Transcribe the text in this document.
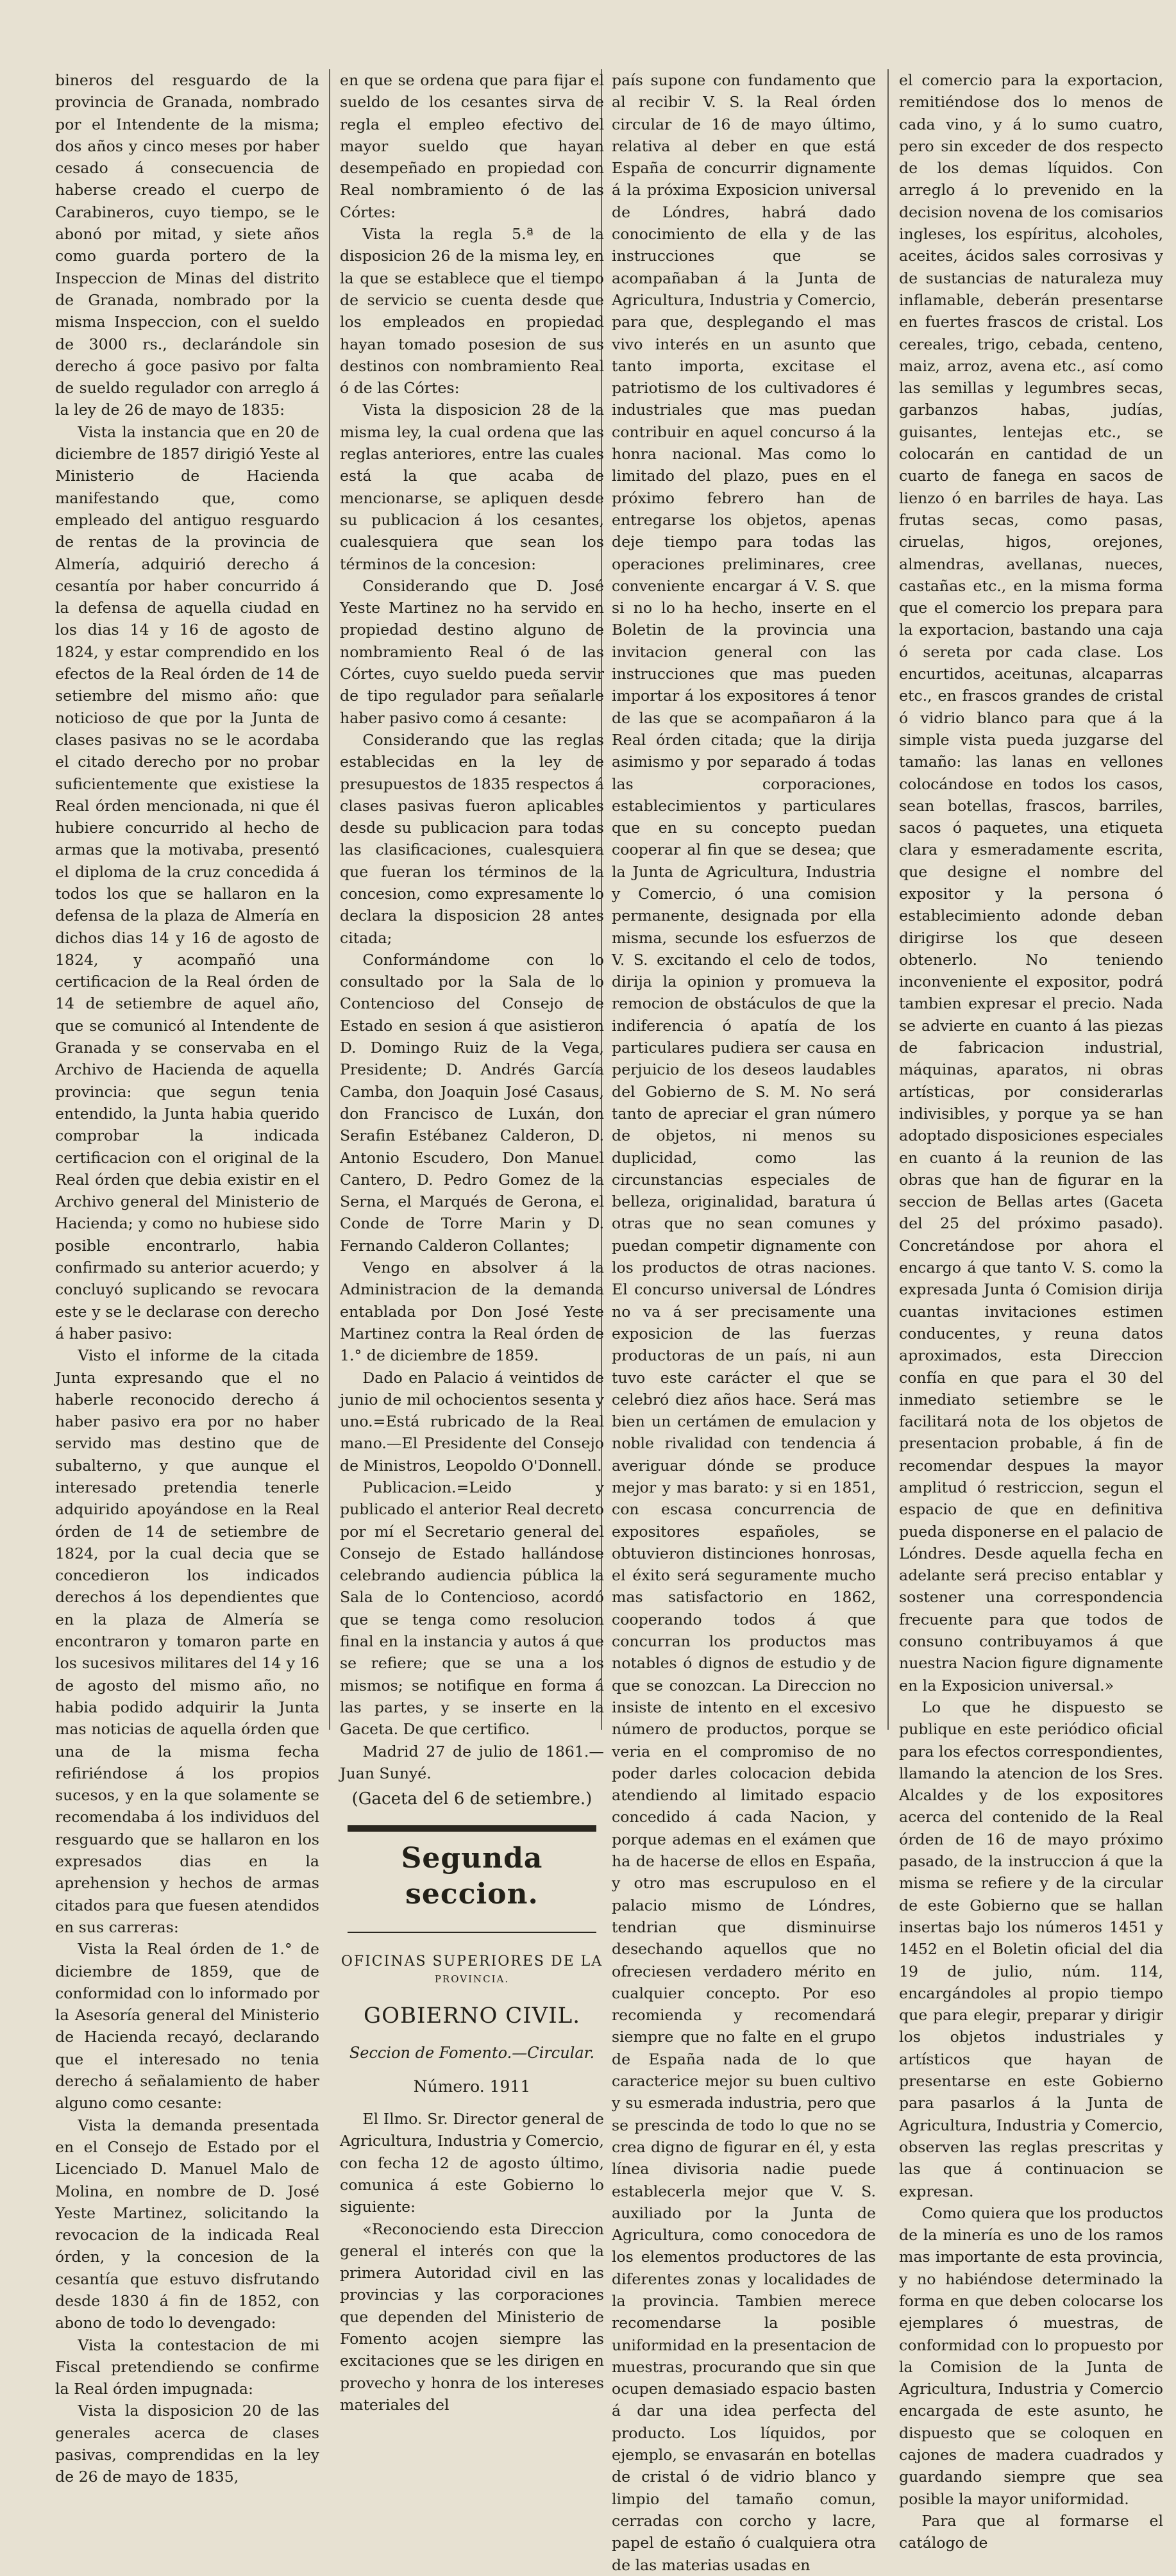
bineros del resguardo de la provincia de Granada, nombrado por el Intendente de la misma; dos años y cinco meses por haber cesado á consecuencia de haberse creado el cuerpo de Carabineros, cuyo tiempo, se le abonó por mitad, y siete años como guarda portero de la Inspeccion de Minas del distrito de Granada, nombrado por la misma Inspeccion, con el sueldo de 3000 rs., declarándole sin derecho á goce pasivo por falta de sueldo regulador con arreglo á la ley de 26 de mayo de 1835:

Vista la instancia que en 20 de diciembre de 1857 dirigió Yeste al Ministerio de Hacienda manifestando que, como empleado del antiguo resguardo de rentas de la provincia de Almería, adquirió derecho á cesantía por haber concurrido á la defensa de aquella ciudad en los dias 14 y 16 de agosto de 1824, y estar comprendido en los efectos de la Real órden de 14 de setiembre del mismo año: que noticioso de que por la Junta de clases pasivas no se le acordaba el citado derecho por no probar suficientemente que existiese la Real órden mencionada, ni que él hubiere concurrido al hecho de armas que la motivaba, presentó el diploma de la cruz concedida á todos los que se hallaron en la defensa de la plaza de Almería en dichos dias 14 y 16 de agosto de 1824, y acompañó una certificacion de la Real órden de 14 de setiembre de aquel año, que se comunicó al Intendente de Granada y se conservaba en el Archivo de Hacienda de aquella provincia: que segun tenia entendido, la Junta habia querido comprobar la indicada certificacion con el original de la Real órden que debia existir en el Archivo general del Ministerio de Hacienda; y como no hubiese sido posible encontrarlo, habia confirmado su anterior acuerdo; y concluyó suplicando se revocara este y se le declarase con derecho á haber pasivo:

Visto el informe de la citada Junta expresando que el no haberle reconocido derecho á haber pasivo era por no haber servido mas destino que de subalterno, y que aunque el interesado pretendia tenerle adquirido apoyándose en la Real órden de 14 de setiembre de 1824, por la cual decia que se concedieron los indicados derechos á los dependientes que en la plaza de Almería se encontraron y tomaron parte en los sucesivos militares del 14 y 16 de agosto del mismo año, no habia podido adquirir la Junta mas noticias de aquella órden que una de la misma fecha refiriéndose á los propios sucesos, y en la que solamente se recomendaba á los individuos del resguardo que se hallaron en los expresados dias en la aprehension y hechos de armas citados para que fuesen atendidos en sus carreras:

Vista la Real órden de 1.° de diciembre de 1859, que de conformidad con lo informado por la Asesoría general del Ministerio de Hacienda recayó, declarando que el interesado no tenia derecho á señalamiento de haber alguno como cesante:

Vista la demanda presentada en el Consejo de Estado por el Licenciado D. Manuel Malo de Molina, en nombre de D. José Yeste Martinez, solicitando la revocacion de la indicada Real órden, y la concesion de la cesantía que estuvo disfrutando desde 1830 á fin de 1852, con abono de todo lo devengado:

Vista la contestacion de mi Fiscal pretendiendo se confirme la Real órden impugnada:

Vista la disposicion 20 de las generales acerca de clases pasivas, comprendidas en la ley de 26 de mayo de 1835,

en que se ordena que para fijar el sueldo de los cesantes sirva de regla el empleo efectivo del mayor sueldo que hayan desempeñado en propiedad con Real nombramiento ó de las Córtes:

Vista la regla 5.ª de la disposicion 26 de la misma ley, en la que se establece que el tiempo de servicio se cuenta desde que los empleados en propiedad hayan tomado posesion de sus destinos con nombramiento Real ó de las Córtes:

Vista la disposicion 28 de la misma ley, la cual ordena que las reglas anteriores, entre las cuales está la que acaba de mencionarse, se apliquen desde su publicacion á los cesantes, cualesquiera que sean los términos de la concesion:

Considerando que D. José Yeste Martinez no ha servido en propiedad destino alguno de nombramiento Real ó de las Córtes, cuyo sueldo pueda servir de tipo regulador para señalarle haber pasivo como á cesante:

Considerando que las reglas establecidas en la ley de presupuestos de 1835 respectos á clases pasivas fueron aplicables desde su publicacion para todas las clasificaciones, cualesquiera que fueran los términos de la concesion, como expresamente lo declara la disposicion 28 antes citada;

Conformándome con lo consultado por la Sala de lo Contencioso del Consejo de Estado en sesion á que asistieron D. Domingo Ruiz de la Vega, Presidente; D. Andrés García Camba, don Joaquin José Casaus, don Francisco de Luxán, don Serafin Estébanez Calderon, D. Antonio Escudero, Don Manuel Cantero, D. Pedro Gomez de la Serna, el Marqués de Gerona, el Conde de Torre Marin y D. Fernando Calderon Collantes;

Vengo en absolver á la Administracion de la demanda entablada por Don José Yeste Martinez contra la Real órden de 1.° de diciembre de 1859.

Dado en Palacio á veintidos de junio de mil ochocientos sesenta y uno.=Está rubricado de la Real mano.—El Presidente del Consejo de Ministros, Leopoldo O'Donnell.

Publicacion.=Leido y publicado el anterior Real decreto por mí el Secretario general del Consejo de Estado hallándose celebrando audiencia pública la Sala de lo Contencioso, acordó que se tenga como resolucion final en la instancia y autos á que se refiere; que se una a los mismos; se notifique en forma á las partes, y se inserte en la Gaceta. De que certifico.

Madrid 27 de julio de 1861.—Juan Sunyé.

(Gaceta del 6 de setiembre.)

Segunda seccion.

OFICINAS SUPERIORES DE LA

PROVINCIA.

GOBIERNO CIVIL.

Seccion de Fomento.—Circular.

Número. 1911

El Ilmo. Sr. Director general de Agricultura, Industria y Comercio, con fecha 12 de agosto último, comunica á este Gobierno lo siguiente:

«Reconociendo esta Direccion general el interés con que la primera Autoridad civil en las provincias y las corporaciones que dependen del Ministerio de Fomento acojen siempre las excitaciones que se les dirigen en provecho y honra de los intereses materiales del

país supone con fundamento que al recibir V. S. la Real órden circular de 16 de mayo último, relativa al deber en que está España de concurrir dignamente á la próxima Exposicion universal de Lóndres, habrá dado conocimiento de ella y de las instrucciones que se acompañaban á la Junta de Agricultura, Industria y Comercio, para que, desplegando el mas vivo interés en un asunto que tanto importa, excitase el patriotismo de los cultivadores é industriales que mas puedan contribuir en aquel concurso á la honra nacional. Mas como lo limitado del plazo, pues en el próximo febrero han de entregarse los objetos, apenas deje tiempo para todas las operaciones preliminares, cree conveniente encargar á V. S. que si no lo ha hecho, inserte en el Boletin de la provincia una invitacion general con las instrucciones que mas pueden importar á los expositores á tenor de las que se acompañaron á la Real órden citada; que la dirija asimismo y por separado á todas las corporaciones, establecimientos y particulares que en su concepto puedan cooperar al fin que se desea; que la Junta de Agricultura, Industria y Comercio, ó una comision permanente, designada por ella misma, secunde los esfuerzos de V. S. excitando el celo de todos, dirija la opinion y promueva la remocion de obstáculos de que la indiferencia ó apatía de los particulares pudiera ser causa en perjuicio de los deseos laudables del Gobierno de S. M. No será tanto de apreciar el gran número de objetos, ni menos su duplicidad, como las circunstancias especiales de belleza, originalidad, baratura ú otras que no sean comunes y puedan competir dignamente con los productos de otras naciones. El concurso universal de Lóndres no va á ser precisamente una exposicion de las fuerzas productoras de un país, ni aun tuvo este carácter el que se celebró diez años hace. Será mas bien un certámen de emulacion y noble rivalidad con tendencia á averiguar dónde se produce mejor y mas barato: y si en 1851, con escasa concurrencia de expositores españoles, se obtuvieron distinciones honrosas, el éxito será seguramente mucho mas satisfactorio en 1862, cooperando todos á que concurran los productos mas notables ó dignos de estudio y de que se conozcan. La Direccion no insiste de intento en el excesivo número de productos, porque se veria en el compromiso de no poder darles colocacion debida atendiendo al limitado espacio concedido á cada Nacion, y porque ademas en el exámen que ha de hacerse de ellos en España, y otro mas escrupuloso en el palacio mismo de Lóndres, tendrian que disminuirse desechando aquellos que no ofreciesen verdadero mérito en cualquier concepto. Por eso recomienda y recomendará siempre que no falte en el grupo de España nada de lo que caracterice mejor su buen cultivo y su esmerada industria, pero que se prescinda de todo lo que no se crea digno de figurar en él, y esta línea divisoria nadie puede establecerla mejor que V. S. auxiliado por la Junta de Agricultura, como conocedora de los elementos productores de las diferentes zonas y localidades de la provincia. Tambien merece recomendarse la posible uniformidad en la presentacion de muestras, procurando que sin que ocupen demasiado espacio basten á dar una idea perfecta del producto. Los líquidos, por ejemplo, se envasarán en botellas de cristal ó de vidrio blanco y limpio del tamaño comun, cerradas con corcho y lacre, papel de estaño ó cualquiera otra de las materias usadas en

el comercio para la exportacion, remitiéndose dos lo menos de cada vino, y á lo sumo cuatro, pero sin exceder de dos respecto de los demas líquidos. Con arreglo á lo prevenido en la decision novena de los comisarios ingleses, los espíritus, alcoholes, aceites, ácidos sales corrosivas y de sustancias de naturaleza muy inflamable, deberán presentarse en fuertes frascos de cristal. Los cereales, trigo, cebada, centeno, maiz, arroz, avena etc., así como las semillas y legumbres secas, garbanzos habas, judías, guisantes, lentejas etc., se colocarán en cantidad de un cuarto de fanega en sacos de lienzo ó en barriles de haya. Las frutas secas, como pasas, ciruelas, higos, orejones, almendras, avellanas, nueces, castañas etc., en la misma forma que el comercio los prepara para la exportacion, bastando una caja ó sereta por cada clase. Los encurtidos, aceitunas, alcaparras etc., en frascos grandes de cristal ó vidrio blanco para que á la simple vista pueda juzgarse del tamaño: las lanas en vellones colocándose en todos los casos, sean botellas, frascos, barriles, sacos ó paquetes, una etiqueta clara y esmeradamente escrita, que designe el nombre del expositor y la persona ó establecimiento adonde deban dirigirse los que deseen obtenerlo. No teniendo inconveniente el expositor, podrá tambien expresar el precio. Nada se advierte en cuanto á las piezas de fabricacion industrial, máquinas, aparatos, ni obras artísticas, por considerarlas indivisibles, y porque ya se han adoptado disposiciones especiales en cuanto á la reunion de las obras que han de figurar en la seccion de Bellas artes (Gaceta del 25 del próximo pasado). Concretándose por ahora el encargo á que tanto V. S. como la expresada Junta ó Comision dirija cuantas invitaciones estimen conducentes, y reuna datos aproximados, esta Direccion confía en que para el 30 del inmediato setiembre se le facilitará nota de los objetos de presentacion probable, á fin de recomendar despues la mayor amplitud ó restriccion, segun el espacio de que en definitiva pueda disponerse en el palacio de Lóndres. Desde aquella fecha en adelante será preciso entablar y sostener una correspondencia frecuente para que todos de consuno contribuyamos á que nuestra Nacion figure dignamente en la Exposicion universal.»

Lo que he dispuesto se publique en este periódico oficial para los efectos correspondientes, llamando la atencion de los Sres. Alcaldes y de los expositores acerca del contenido de la Real órden de 16 de mayo próximo pasado, de la instruccion á que la misma se refiere y de la circular de este Gobierno que se hallan insertas bajo los números 1451 y 1452 en el Boletin oficial del dia 19 de julio, núm. 114, encargándoles al propio tiempo que para elegir, preparar y dirigir los objetos industriales y artísticos que hayan de presentarse en este Gobierno para pasarlos á la Junta de Agricultura, Industria y Comercio, observen las reglas prescritas y las que á continuacion se expresan.

Como quiera que los productos de la minería es uno de los ramos mas importante de esta provincia, y no habiéndose determinado la forma en que deben colocarse los ejemplares ó muestras, de conformidad con lo propuesto por la Comision de la Junta de Agricultura, Industria y Comercio encargada de este asunto, he dispuesto que se coloquen en cajones de madera cuadrados y guardando siempre que sea posible la mayor uniformidad.

Para que al formarse el catálogo de
